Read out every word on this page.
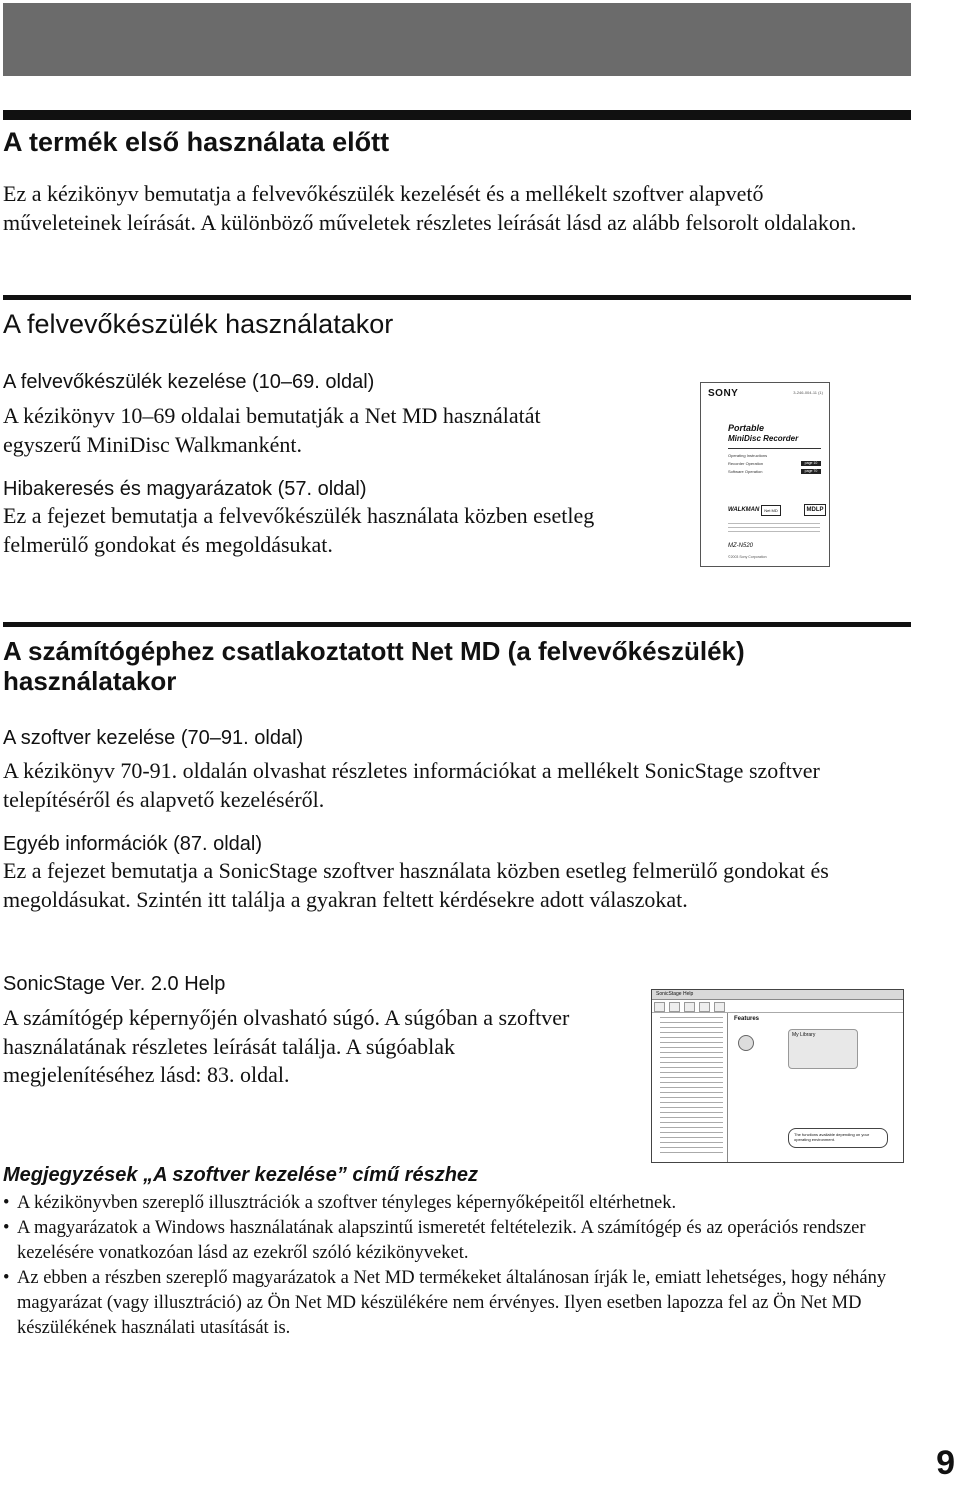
A termék első használata előtt
Ez a kézikönyv bemutatja a felvevőkészülék kezelését és a mellékelt szoftver alapvető műveleteinek leírását. A különböző műveletek részletes leírását lásd az alább felsorolt oldalakon.
A felvevőkészülék használatakor
A felvevőkészülék kezelése (10–69. oldal)
A kézikönyv 10–69 oldalai bemutatják a Net MD használatát egyszerű MiniDisc Walkmanként.
Hibakeresés és magyarázatok (57. oldal)
Ez a fejezet bemutatja a felvevőkészülék használata közben esetleg felmerülő gondokat és megoldásukat.
SONY	3-246-004-11 (1)
Portable
MiniDisc Recorder
Operating Instructions
Recorder Operation	page 10
Software Operation	page 70
WALKMAN	Net MD	MDLP
MZ-N520
©2003 Sony Corporation
A számítógéphez csatlakoztatott Net MD (a felvevőkészülék) használatakor
A szoftver kezelése (70–91. oldal)
A kézikönyv 70-91. oldalán olvashat részletes információkat a mellékelt SonicStage szoftver telepítéséről és alapvető kezeléséről.
Egyéb információk (87. oldal)
Ez a fejezet bemutatja a SonicStage szoftver használata közben esetleg felmerülő gondokat és megoldásukat. Szintén itt találja a gyakran feltett kérdésekre adott válaszokat.
SonicStage Ver. 2.0 Help
A számítógép képernyőjén olvasható súgó. A súgóban a szoftver használatának részletes leírását találja. A súgóablak megjelenítéséhez lásd: 83. oldal.
SonicStage Help
Features
My Library
The functions available depending on your operating environment.
Megjegyzések „A szoftver kezelése” című részhez
• A kézikönyvben szereplő illusztrációk a szoftver tényleges képernyőképeitől eltérhetnek.
• A magyarázatok a Windows használatának alapszintű ismeretét feltételezik. A számítógép és az operációs rendszer kezelésére vonatkozóan lásd az ezekről szóló kézikönyveket.
• Az ebben a részben szereplő magyarázatok a Net MD termékeket általánosan írják le, emiatt lehetséges, hogy néhány magyarázat (vagy illusztráció) az Ön Net MD készülékére nem érvényes. Ilyen esetben lapozza fel az Ön Net MD készülékének használati utasítását is.
9
